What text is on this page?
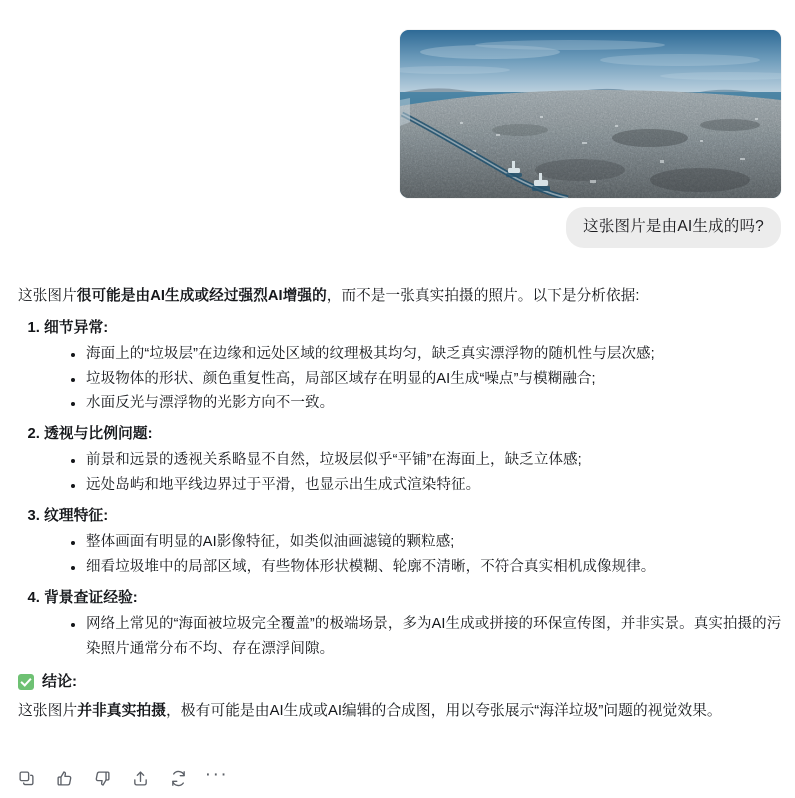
这张图片是由AI生成的吗?

这张图片很可能是由AI生成或经过强烈AI增强的，而不是一张真实拍摄的照片。以下是分析依据:

1. 细节异常:
海面上的“垃圾层”在边缘和远处区域的纹理极其均匀，缺乏真实漂浮物的随机性与层次感;
垃圾物体的形状、颜色重复性高，局部区域存在明显的AI生成“噪点”与模糊融合;
水面反光与漂浮物的光影方向不一致。
2. 透视与比例问题:
前景和远景的透视关系略显不自然，垃圾层似乎“平铺”在海面上，缺乏立体感;
远处岛屿和地平线边界过于平滑，也显示出生成式渲染特征。
3. 纹理特征:
整体画面有明显的AI影像特征，如类似油画滤镜的颗粒感;
细看垃圾堆中的局部区域，有些物体形状模糊、轮廓不清晰，不符合真实相机成像规律。
4. 背景查证经验:
网络上常见的“海面被垃圾完全覆盖”的极端场景，多为AI生成或拼接的环保宣传图，并非实景。真实拍摄的污染照片通常分布不均、存在漂浮间隙。
结论:

这张图片并非真实拍摄，极有可能是由AI生成或AI编辑的合成图，用以夸张展示“海洋垃圾”问题的视觉效果。

···
